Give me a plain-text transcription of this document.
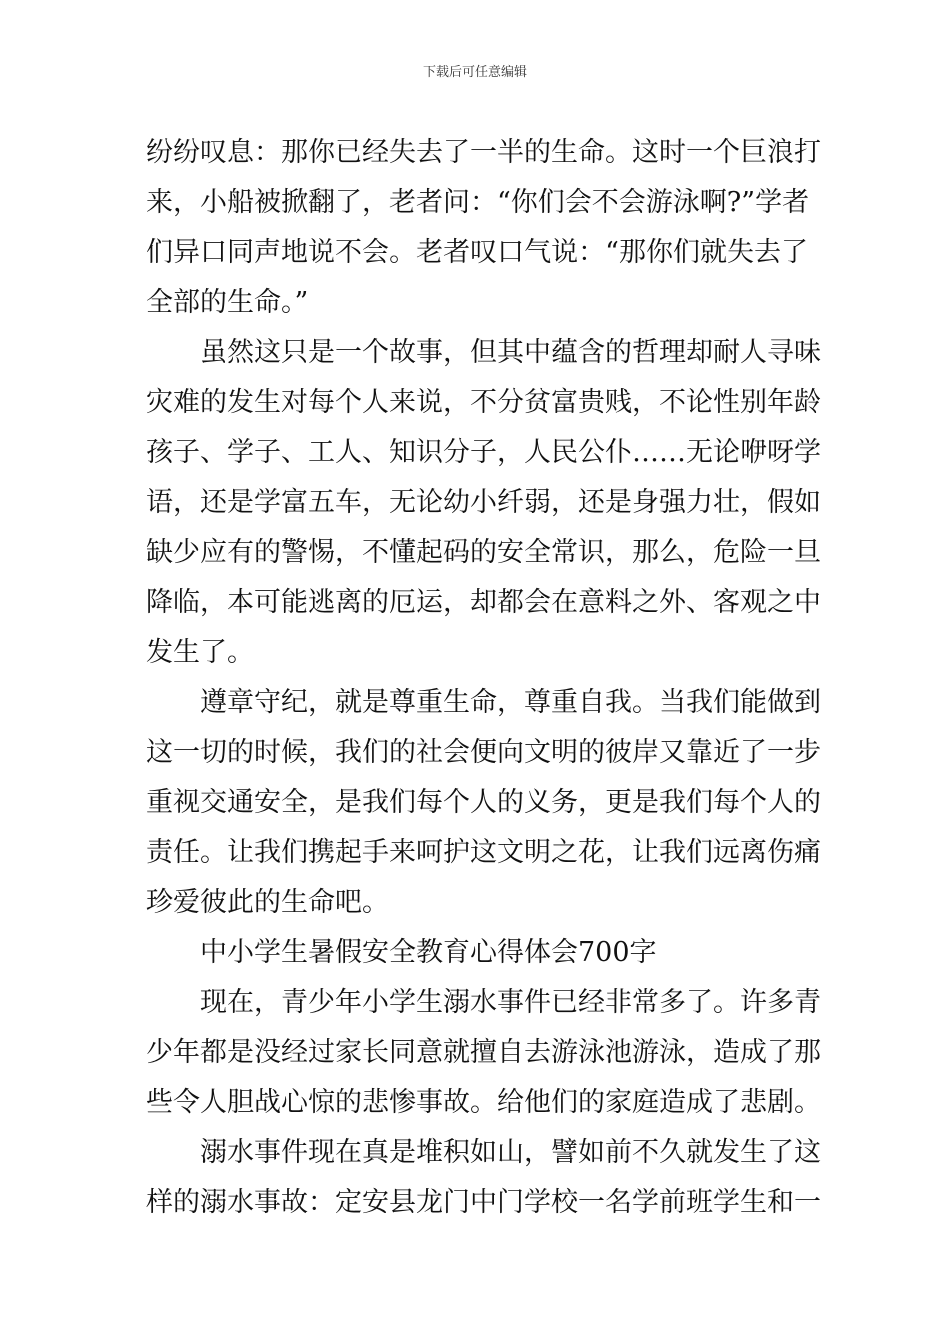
下载后可任意编辑
纷纷叹息：那你已经失去了一半的生命。这时一个巨浪打
来，小船被掀翻了，老者问：“你们会不会游泳啊?”学者
们异口同声地说不会。老者叹口气说：“那你们就失去了
全部的生命。”
虽然这只是一个故事，但其中蕴含的哲理却耐人寻味
灾难的发生对每个人来说，不分贫富贵贱，不论性别年龄
孩子、学子、工人、知识分子，人民公仆……无论咿呀学
语，还是学富五车，无论幼小纤弱，还是身强力壮，假如
缺少应有的警惕，不懂起码的安全常识，那么，危险一旦
降临，本可能逃离的厄运，却都会在意料之外、客观之中
发生了。
遵章守纪，就是尊重生命，尊重自我。当我们能做到
这一切的时候，我们的社会便向文明的彼岸又靠近了一步
重视交通安全，是我们每个人的义务，更是我们每个人的
责任。让我们携起手来呵护这文明之花，让我们远离伤痛
珍爱彼此的生命吧。
中小学生暑假安全教育心得体会700字
现在，青少年小学生溺水事件已经非常多了。许多青
少年都是没经过家长同意就擅自去游泳池游泳，造成了那
些令人胆战心惊的悲惨事故。给他们的家庭造成了悲剧。
溺水事件现在真是堆积如山，譬如前不久就发生了这
样的溺水事故：定安县龙门中门学校一名学前班学生和一
